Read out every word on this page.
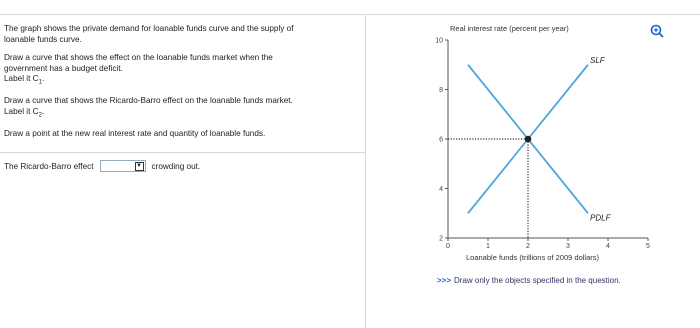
The graph shows the private demand for loanable funds curve and the supply of
loanable funds curve.

Draw a curve that shows the effect on the loanable funds market when the
government has a budget deficit.
Label it $C_1$.

Draw a curve that shows the Ricardo-Barro effect on the loanable funds market.
Label it $C_2$.

Draw a point at the new real interest rate and quantity of loanable funds.

The Ricardo-Barro effect	▼ crowding out.
Real interest rate (percent per year)
10
8
6
4
2
0	1	2	3	4	5
SLF
PDLF
Loanable funds (trillions of 2009 dollars)
>>> Draw only the objects specified in the question.
